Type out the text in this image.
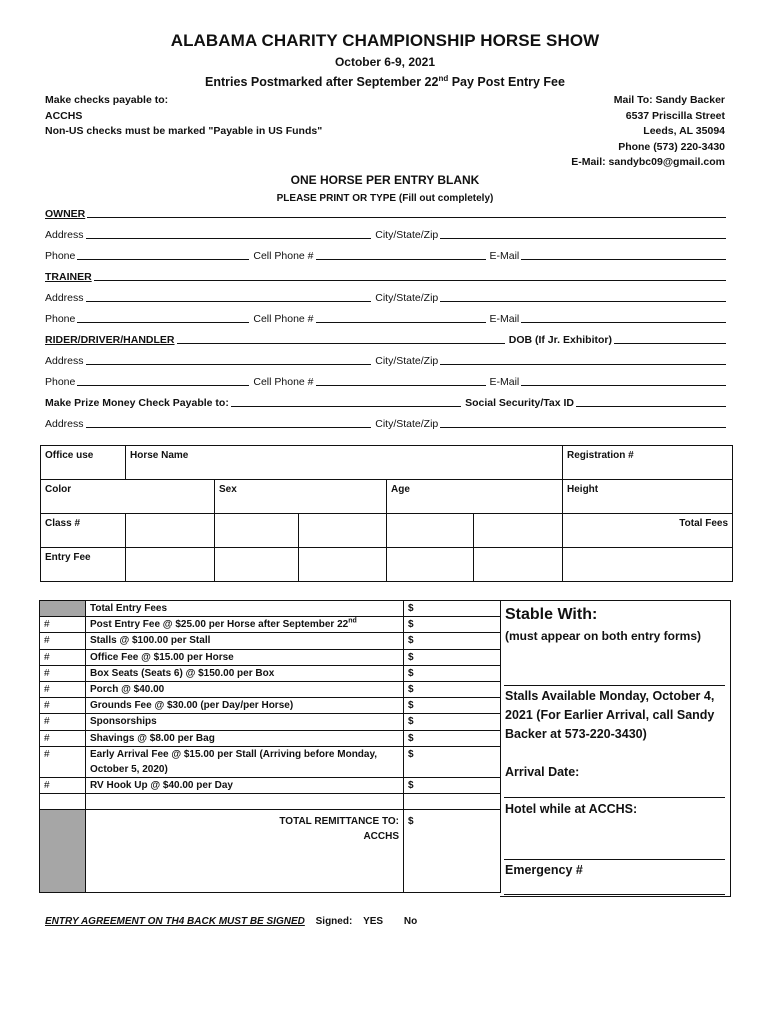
ALABAMA CHARITY CHAMPIONSHIP HORSE SHOW
October 6-9, 2021
Entries Postmarked after September 22nd Pay Post Entry Fee
Make checks payable to:
ACCHS
Non-US checks must be marked "Payable in US Funds"
Mail To: Sandy Backer
6537 Priscilla Street
Leeds, AL 35094
Phone (573) 220-3430
E-Mail: sandybc09@gmail.com
ONE HORSE PER ENTRY BLANK
PLEASE PRINT OR TYPE (Fill out completely)
OWNER
Address	City/State/Zip
Phone	Cell Phone #	E-Mail
TRAINER
Address	City/State/Zip
Phone	Cell Phone #	E-Mail
RIDER/DRIVER/HANDLER	DOB (If Jr. Exhibitor)
Address	City/State/Zip
Phone	Cell Phone #	E-Mail
Make Prize Money Check Payable to:	Social Security/Tax ID
Address	City/State/Zip
Office use	Horse Name					Registration #
Color		Sex		Age		Height
Class #						Total Fees
Entry Fee						
	Total Entry Fees	$
#	Post Entry Fee @ $25.00 per Horse after September 22nd	$
#	Stalls @ $100.00 per Stall	$
#	Office Fee @ $15.00 per Horse	$
#	Box Seats (Seats 6) @ $150.00 per Box	$
#	Porch @ $40.00	$
#	Grounds Fee @ $30.00 (per Day/per Horse)	$
#	Sponsorships	$
#	Shavings @ $8.00 per Bag	$
#	Early Arrival Fee @ $15.00 per Stall (Arriving before Monday, October 5, 2020)	$
#	RV Hook Up @ $40.00 per Day	$

	TOTAL REMITTANCE TO:
ACCHS	$
Stable With:
(must appear on both entry forms)
Stalls Available Monday, October 4, 2021 (For Earlier Arrival, call Sandy Backer at 573-220-3430)
Arrival Date:
Hotel while at ACCHS:
Emergency #
ENTRY AGREEMENT ON TH4 BACK MUST BE SIGNED Signed: YES No
